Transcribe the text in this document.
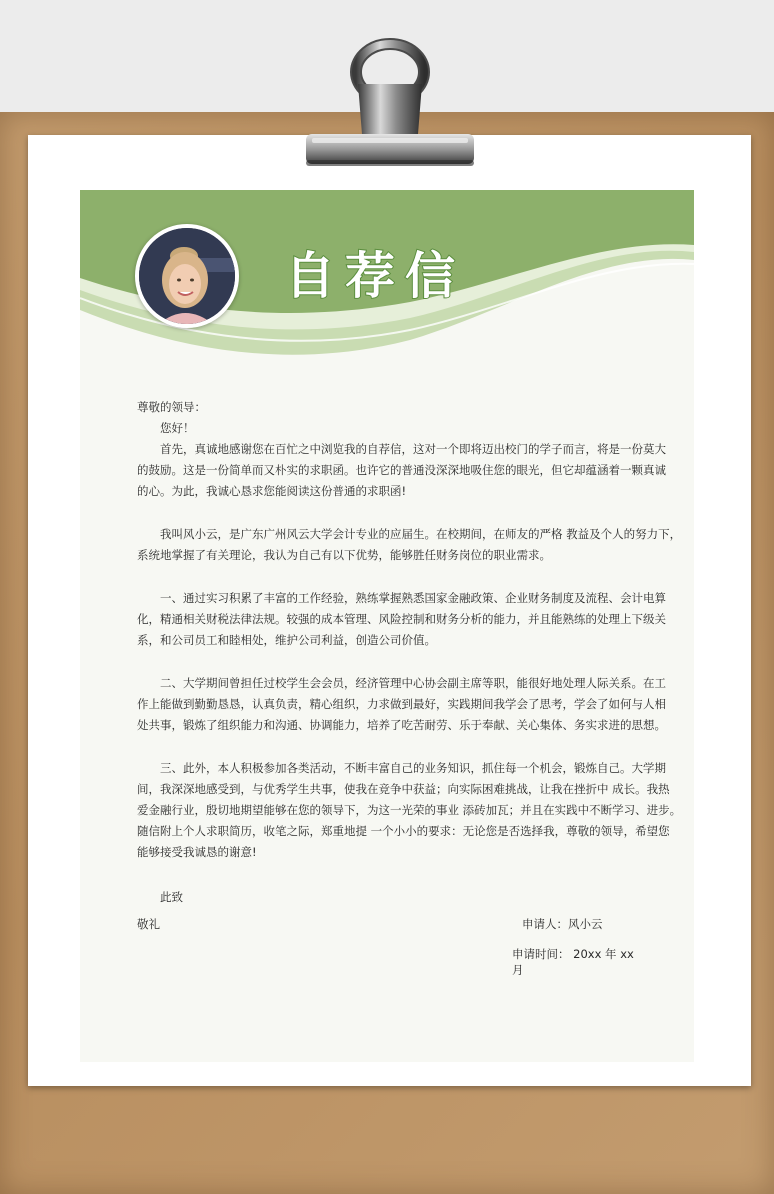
自荐信
尊敬的领导：
您好！
首先，真诚地感谢您在百忙之中浏览我的自荐信，这对一个即将迈出校门的学子而言，将是一份莫大
的鼓励。这是一份简单而又朴实的求职函。也许它的普通没深深地吸住您的眼光，但它却蕴涵着一颗真诚
的心。为此，我诚心恳求您能阅读这份普通的求职函!
我叫风小云，是广东广州风云大学会计专业的应届生。在校期间，在师友的严格 教益及个人的努力下，
系统地掌握了有关理论，我认为自己有以下优势，能够胜任财务岗位的职业需求。
一、通过实习积累了丰富的工作经验，熟练掌握熟悉国家金融政策、企业财务制度及流程、会计电算
化，精通相关财税法律法规。较强的成本管理、风险控制和财务分析的能力，并且能熟练的处理上下级关
系，和公司员工和睦相处，维护公司利益，创造公司价值。
二、大学期间曾担任过校学生会会员，经济管理中心协会副主席等职，能很好地处理人际关系。在工
作上能做到勤勤恳恳，认真负责，精心组织，力求做到最好，实践期间我学会了思考，学会了如何与人相
处共事，锻炼了组织能力和沟通、协调能力，培养了吃苦耐劳、乐于奉献、关心集体、务实求进的思想。
三、此外，本人积极参加各类活动，不断丰富自己的业务知识，抓住每一个机会，锻炼自己。大学期
间，我深深地感受到，与优秀学生共事，使我在竞争中获益；向实际困难挑战，让我在挫折中 成长。我热
爱金融行业，殷切地期望能够在您的领导下，为这一光荣的事业 添砖加瓦；并且在实践中不断学习、进步。
随信附上个人求职简历，收笔之际，郑重地提 一个小小的要求：无论您是否选择我，尊敬的领导，希望您
能够接受我诚恳的谢意!
此致
敬礼	申请人：风小云
申请时间： 20xx 年 xx 月
